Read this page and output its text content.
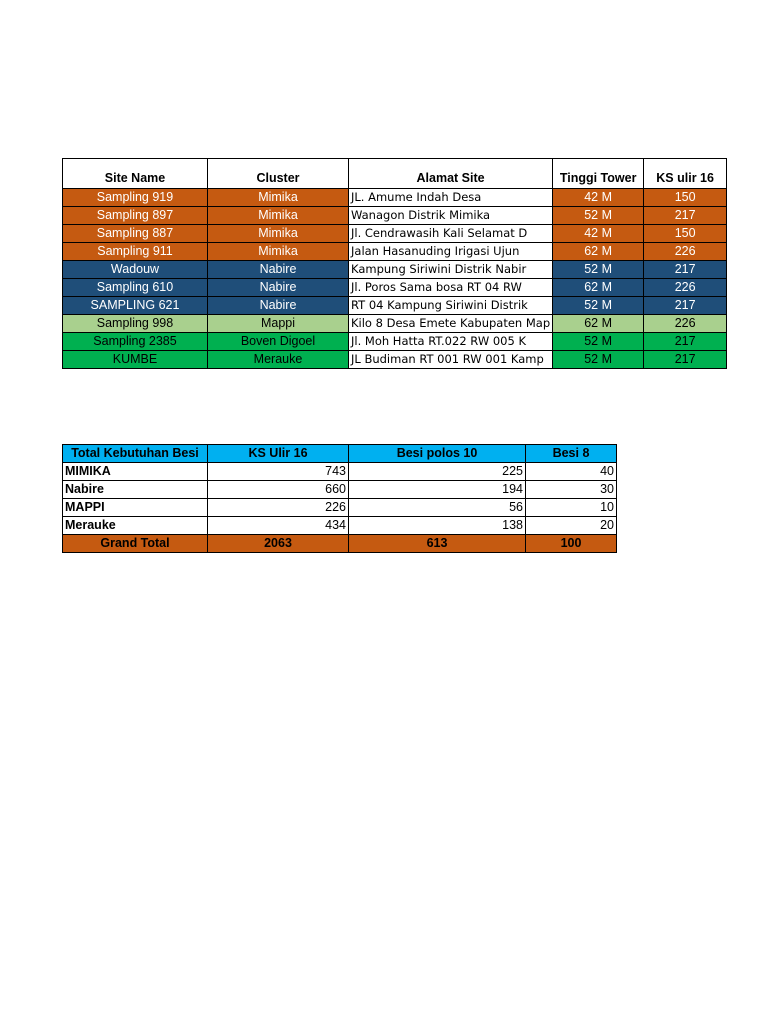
Site Name	Cluster	Alamat Site	Tinggi Tower	KS ulir 16
Sampling 919	Mimika	JL. Amume Indah Desa	42 M	150
Sampling 897	Mimika	Wanagon Distrik Mimika	52 M	217
Sampling 887	Mimika	Jl. Cendrawasih Kali Selamat D	42 M	150
Sampling 911	Mimika	Jalan Hasanuding Irigasi Ujun	62 M	226
Wadouw	Nabire	Kampung Siriwini Distrik Nabir	52 M	217
Sampling 610	Nabire	Jl. Poros Sama bosa RT 04 RW	62 M	226
SAMPLING 621	Nabire	RT 04 Kampung Siriwini Distrik	52 M	217
Sampling 998	Mappi	Kilo 8 Desa Emete Kabupaten Map	62 M	226
Sampling 2385	Boven Digoel	Jl. Moh Hatta RT.022 RW 005 K	52 M	217
KUMBE	Merauke	JL Budiman RT 001 RW 001 Kamp	52 M	217
Total Kebutuhan Besi	KS Ulir 16	Besi polos 10	Besi 8
MIMIKA	743	225	40
Nabire	660	194	30
MAPPI	226	56	10
Merauke	434	138	20
Grand Total	2063	613	100
